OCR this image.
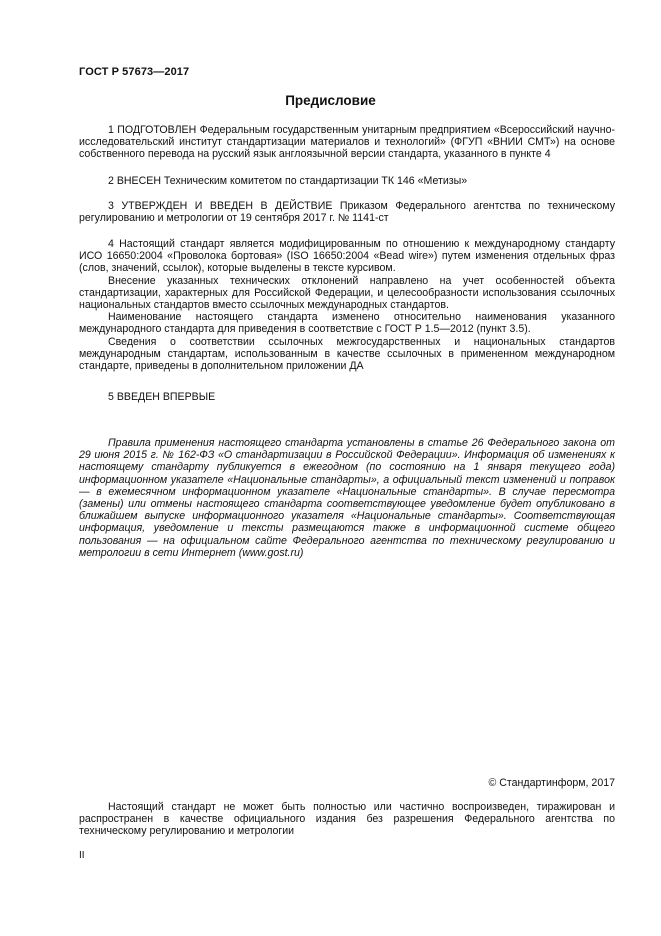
ГОСТ Р 57673—2017
Предисловие

1 ПОДГОТОВЛЕН Федеральным государственным унитарным предприятием «Всероссийский научно-исследовательский институт стандартизации материалов и технологий» (ФГУП «ВНИИ СМТ») на основе собственного перевода на русский язык англоязычной версии стандарта, указанного в пункте 4

2 ВНЕСЕН Техническим комитетом по стандартизации ТК 146 «Метизы»

3 УТВЕРЖДЕН И ВВЕДЕН В ДЕЙСТВИЕ Приказом Федерального агентства по техническому регулированию и метрологии от 19 сентября 2017 г. № 1141-ст

4 Настоящий стандарт является модифицированным по отношению к международному стандарту ИСО 16650:2004 «Проволока бортовая» (ISO 16650:2004 «Bead wire») путем изменения отдельных фраз (слов, значений, ссылок), которые выделены в тексте курсивом.

Внесение указанных технических отклонений направлено на учет особенностей объекта стандартизации, характерных для Российской Федерации, и целесообразности использования ссылочных национальных стандартов вместо ссылочных международных стандартов.

Наименование настоящего стандарта изменено относительно наименования указанного международного стандарта для приведения в соответствие с ГОСТ Р 1.5—2012 (пункт 3.5).

Сведения о соответствии ссылочных межгосударственных и национальных стандартов международным стандартам, использованным в качестве ссылочных в примененном международном стандарте, приведены в дополнительном приложении ДА

5 ВВЕДЕН ВПЕРВЫЕ

Правила применения настоящего стандарта установлены в статье 26 Федерального закона от 29 июня 2015 г. № 162-ФЗ «О стандартизации в Российской Федерации». Информация об изменениях к настоящему стандарту публикуется в ежегодном (по состоянию на 1 января текущего года) информационном указателе «Национальные стандарты», а официальный текст изменений и поправок — в ежемесячном информационном указателе «Национальные стандарты». В случае пересмотра (замены) или отмены настоящего стандарта соответствующее уведомление будет опубликовано в ближайшем выпуске информационного указателя «Национальные стандарты». Соответствующая информация, уведомление и тексты размещаются также в информационной системе общего пользования — на официальном сайте Федерального агентства по техническому регулированию и метрологии в сети Интернет (www.gost.ru)

© Стандартинформ, 2017

Настоящий стандарт не может быть полностью или частично воспроизведен, тиражирован и распространен в качестве официального издания без разрешения Федерального агентства по техническому регулированию и метрологии

II
